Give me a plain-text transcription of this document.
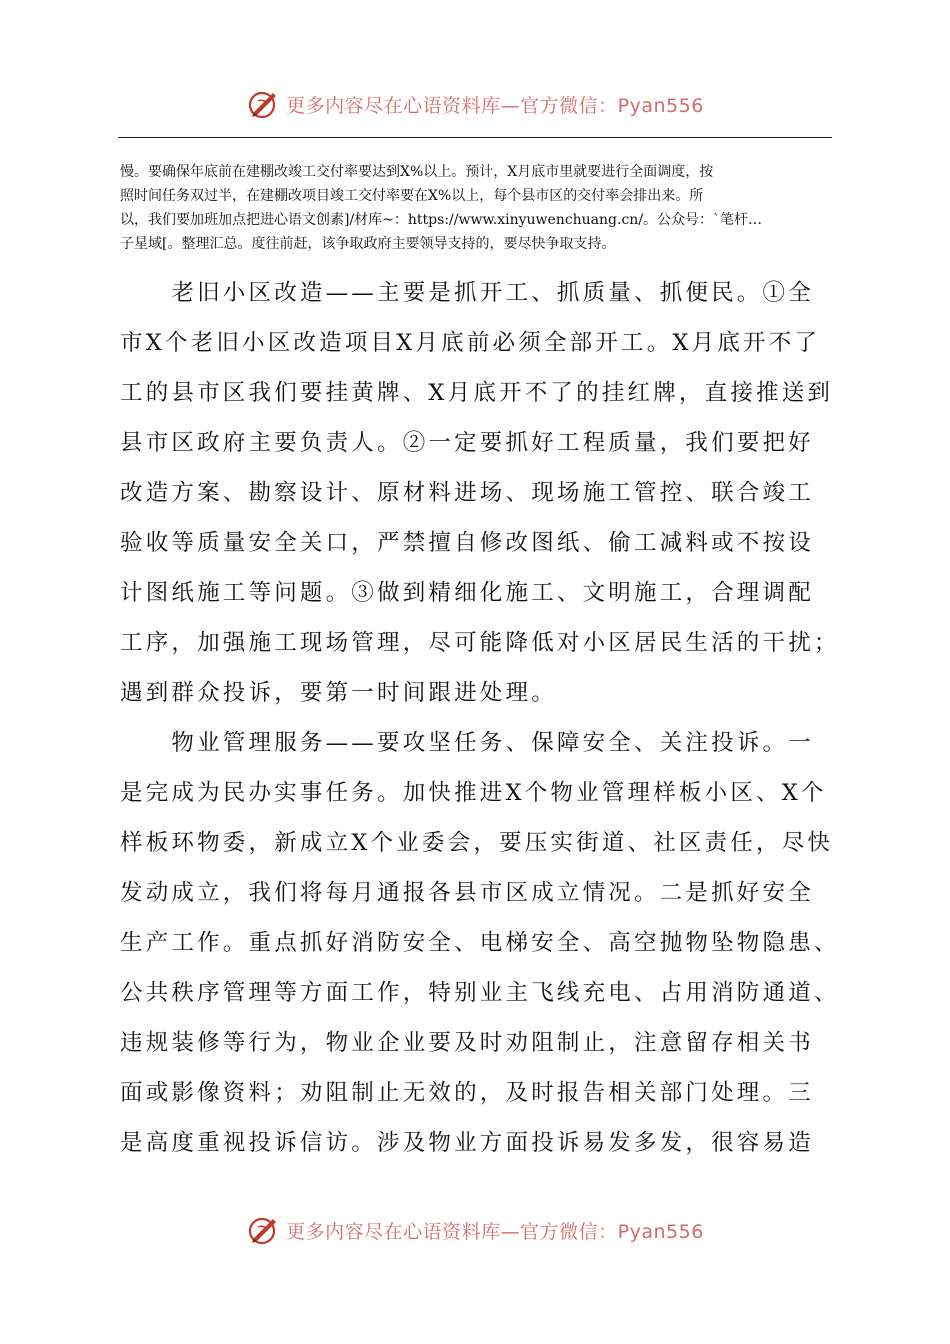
更多内容尽在心语资料库—官方微信：Pyan556
慢。要确保年底前在建棚改竣工交付率要达到X%以上。预计，X月底市里就要进行全面调度，按
照时间任务双过半，在建棚改项目竣工交付率要在X%以上，每个县市区的交付率会排出来。所
以，我们要加班加点把进心语文创素]/材库~：https://www.xinyuwenchuang.cn/。公众号：`笔杆…
子星域[。整理汇总。度往前赶，该争取政府主要领导支持的，要尽快争取支持。
　　老旧小区改造——主要是抓开工、抓质量、抓便民。①全
市X个老旧小区改造项目X月底前必须全部开工。X月底开不了
工的县市区我们要挂黄牌、X月底开不了的挂红牌，直接推送到
县市区政府主要负责人。②一定要抓好工程质量，我们要把好
改造方案、勘察设计、原材料进场、现场施工管控、联合竣工
验收等质量安全关口，严禁擅自修改图纸、偷工减料或不按设
计图纸施工等问题。③做到精细化施工、文明施工，合理调配
工序，加强施工现场管理，尽可能降低对小区居民生活的干扰；
遇到群众投诉，要第一时间跟进处理。
　　物业管理服务——要攻坚任务、保障安全、关注投诉。一
是完成为民办实事任务。加快推进X个物业管理样板小区、X个
样板环物委，新成立X个业委会，要压实街道、社区责任，尽快
发动成立，我们将每月通报各县市区成立情况。二是抓好安全
生产工作。重点抓好消防安全、电梯安全、高空抛物坠物隐患、
公共秩序管理等方面工作，特别业主飞线充电、占用消防通道、
违规装修等行为，物业企业要及时劝阻制止，注意留存相关书
面或影像资料；劝阻制止无效的，及时报告相关部门处理。三
是高度重视投诉信访。涉及物业方面投诉易发多发，很容易造
更多内容尽在心语资料库—官方微信：Pyan556
